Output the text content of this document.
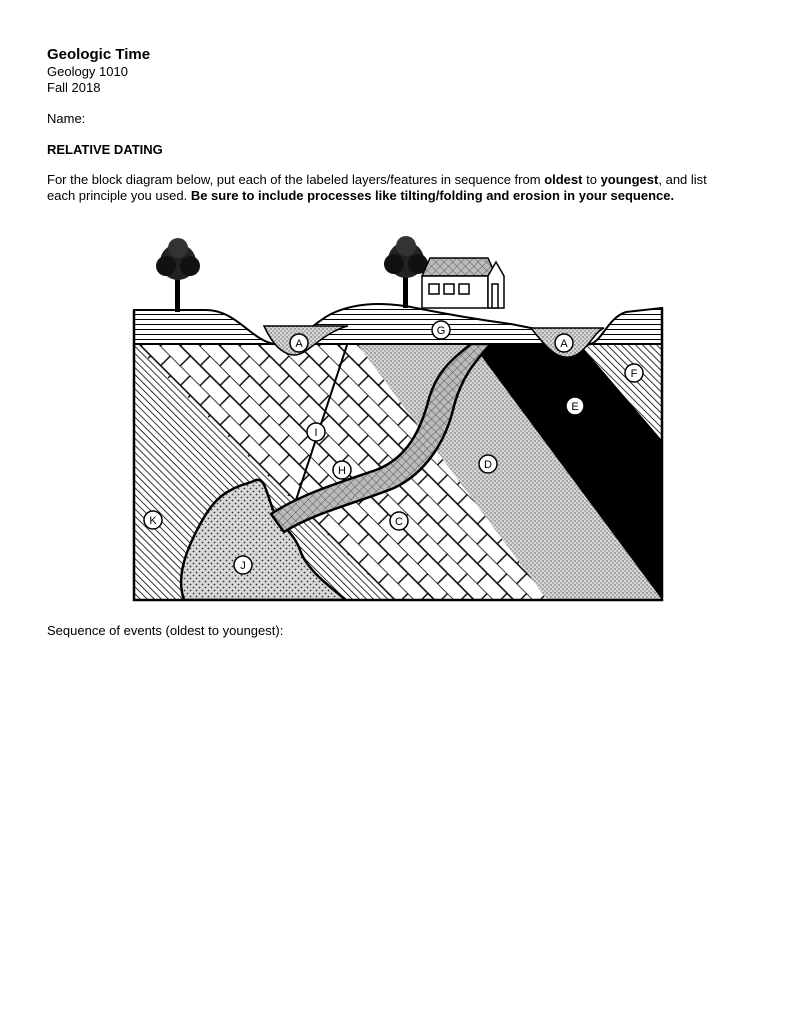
Geologic Time
Geology 1010
Fall 2018
Name:
RELATIVE DATING
For the block diagram below, put each of the labeled layers/features in sequence from oldest to youngest, and list each principle you used. Be sure to include processes like tilting/folding and erosion in your sequence.
A
G
A
F
E
I
D
H
K	C
J
Sequence of events (oldest to youngest):
